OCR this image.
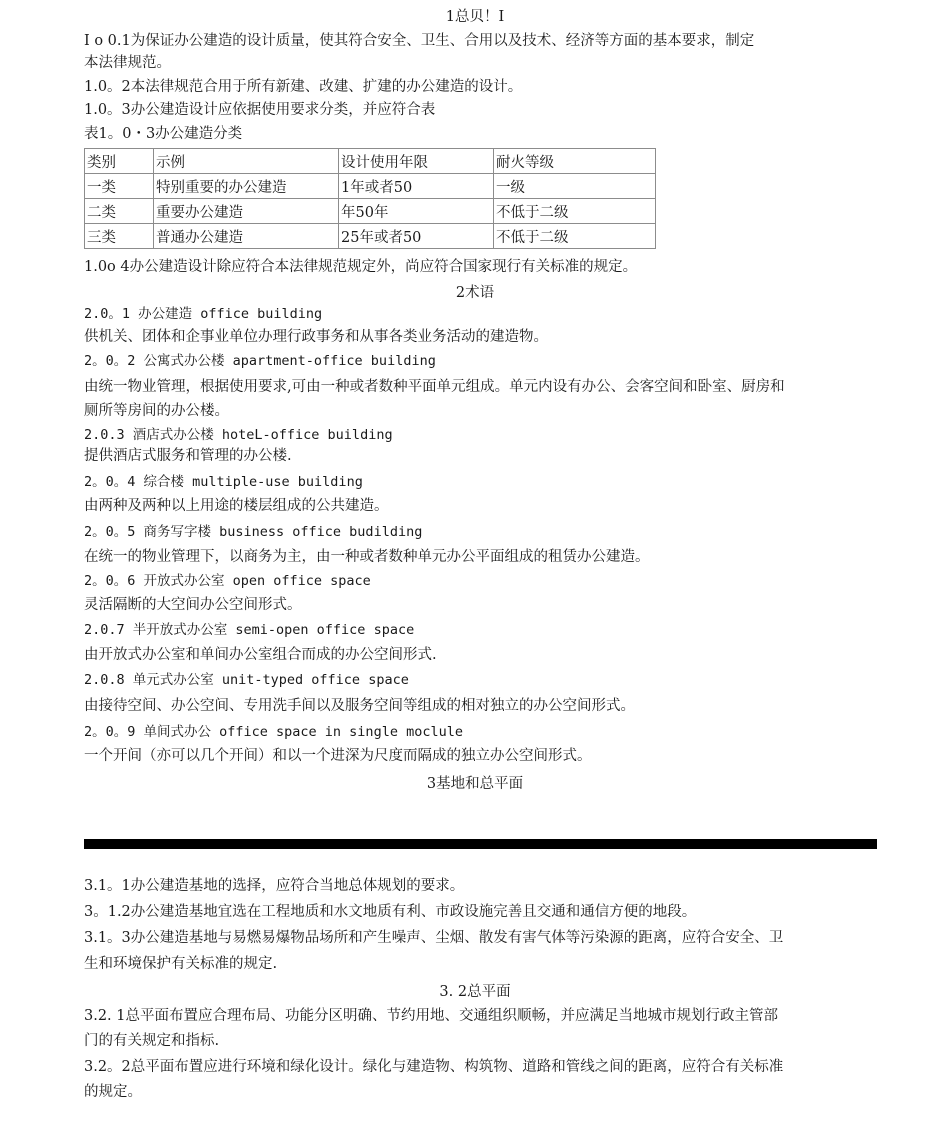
1总贝！I
I o 0.1为保证办公建造的设计质量，使其符合安全、卫生、合用以及技术、经济等方面的基本要求，制定
本法律规范。
1.0。2本法律规范合用于所有新建、改建、扩建的办公建造的设计。
1.0。3办公建造设计应依据使用要求分类，并应符合表
表1。0・3办公建造分类
类别	示例	设计使用年限	耐火等级
一类	特别重要的办公建造	1年或者50	一级
二类	重要办公建造	年50年	不低于二级
三类	普通办公建造	25年或者50	不低于二级
1.0o 4办公建造设计除应符合本法律规范规定外，尚应符合国家现行有关标准的规定。
2术语
2.0。1 办公建造 office building
供机关、团体和企事业单位办理行政事务和从事各类业务活动的建造物。
2。0。2 公寓式办公楼 apartment-office building
由统一物业管理，根据使用要求,可由一种或者数种平面单元组成。单元内设有办公、会客空间和卧室、厨房和
厕所等房间的办公楼。
2.0.3 酒店式办公楼 hoteL-office building
提供酒店式服务和管理的办公楼.
2。0。4 综合楼 multiple-use building
由两种及两种以上用途的楼层组成的公共建造。
2。0。5 商务写字楼 business office budilding
在统一的物业管理下，以商务为主，由一种或者数种单元办公平面组成的租赁办公建造。
2。0。6 开放式办公室 open office space
灵活隔断的大空间办公空间形式。
2.0.7 半开放式办公室 semi-open office space
由开放式办公室和单间办公室组合而成的办公空间形式.
2.0.8 单元式办公室 unit-typed office space
由接待空间、办公空间、专用洗手间以及服务空间等组成的相对独立的办公空间形式。
2。0。9 单间式办公 office space in single moclule
一个开间（亦可以几个开间）和以一个进深为尺度而隔成的独立办公空间形式。
3基地和总平面
3.1。1办公建造基地的选择，应符合当地总体规划的要求。
3。1.2办公建造基地宜选在工程地质和水文地质有利、市政设施完善且交通和通信方便的地段。
3.1。3办公建造基地与易燃易爆物品场所和产生噪声、尘烟、散发有害气体等污染源的距离，应符合安全、卫
生和环境保护有关标准的规定.
3. 2总平面
3.2. 1总平面布置应合理布局、功能分区明确、节约用地、交通组织顺畅，并应满足当地城市规划行政主管部
门的有关规定和指标.
3.2。2总平面布置应进行环境和绿化设计。绿化与建造物、构筑物、道路和管线之间的距离，应符合有关标准
的规定。
